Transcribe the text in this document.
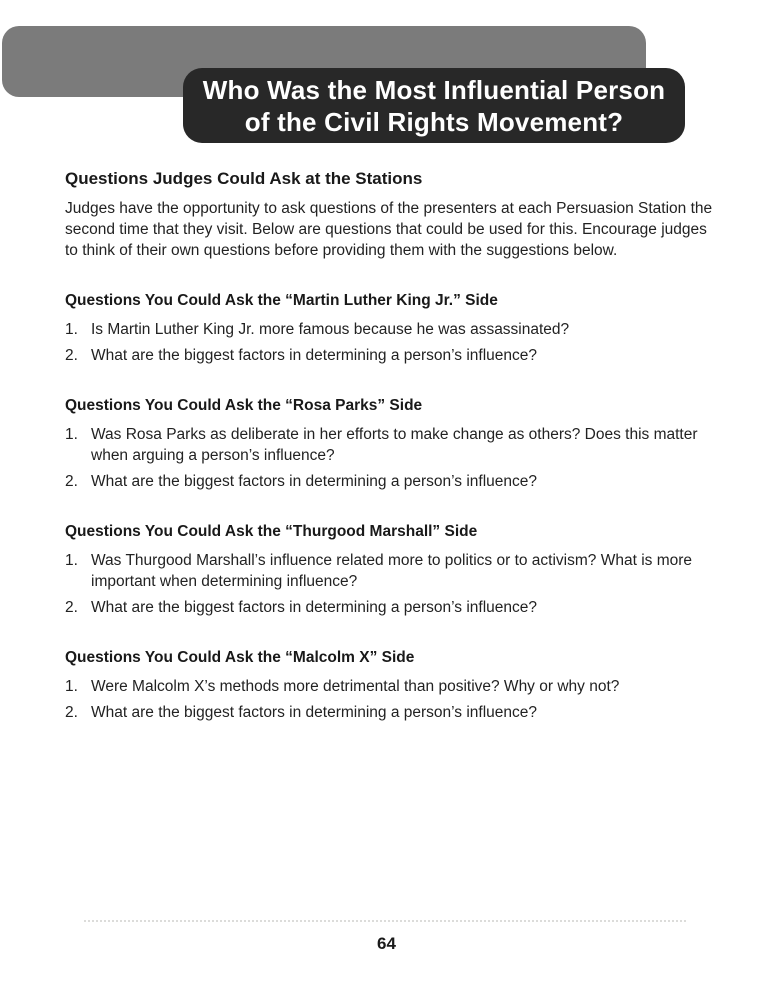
Who Was the Most Influential Person
of the Civil Rights Movement?
Questions Judges Could Ask at the Stations
Judges have the opportunity to ask questions of the presenters at each Persuasion Station the second time that they visit. Below are questions that could be used for this. Encourage judges to think of their own questions before providing them with the suggestions below.
Questions You Could Ask the “Martin Luther King Jr.” Side
1. Is Martin Luther King Jr. more famous because he was assassinated?
2. What are the biggest factors in determining a person’s influence?
Questions You Could Ask the “Rosa Parks” Side
1. Was Rosa Parks as deliberate in her efforts to make change as others? Does this matter when arguing a person’s influence?
2. What are the biggest factors in determining a person’s influence?
Questions You Could Ask the “Thurgood Marshall” Side
1. Was Thurgood Marshall’s influence related more to politics or to activism? What is more important when determining influence?
2. What are the biggest factors in determining a person’s influence?
Questions You Could Ask the “Malcolm X” Side
1. Were Malcolm X’s methods more detrimental than positive? Why or why not?
2. What are the biggest factors in determining a person’s influence?
64
